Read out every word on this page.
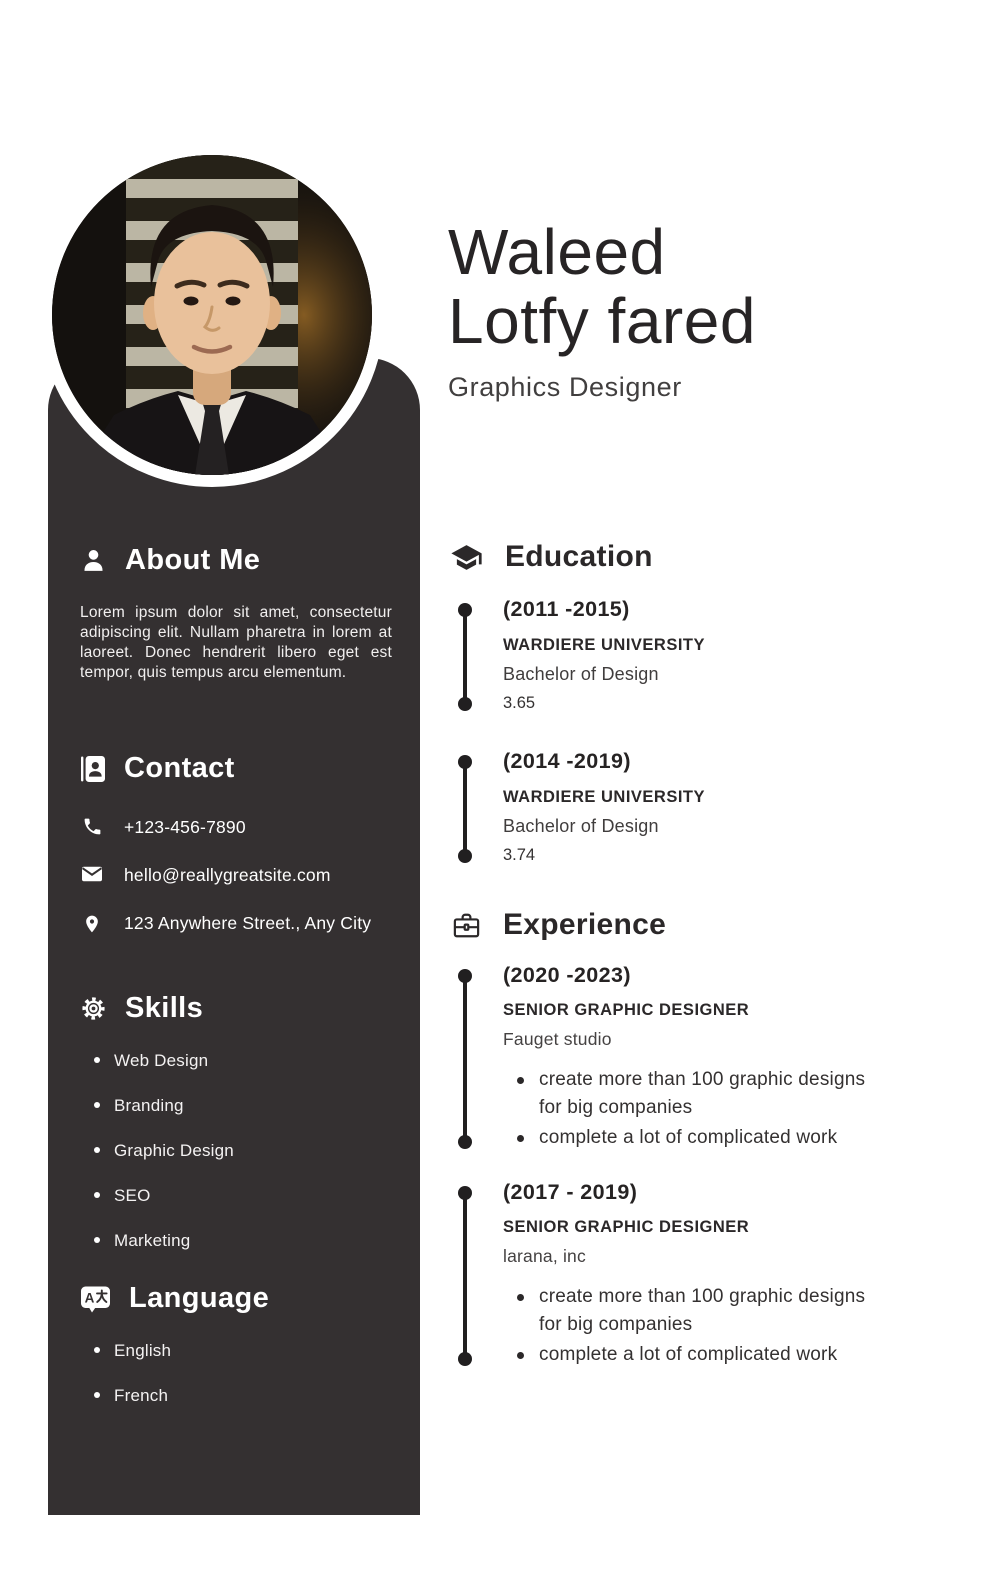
About Me

Lorem ipsum dolor sit amet, consectetur adipiscing elit. Nullam pharetra in lorem at laoreet. Donec hendrerit libero eget est tempor, quis tempus arcu elementum.

Contact
+123-456-7890
hello@reallygreatsite.com
123 Anywhere Street., Any City
Skills
Web Design
Branding
Graphic Design
SEO
Marketing
A Language
English
French
Waleed
Lotfy fared
Graphics Designer
Education
(2011 -2015)
WARDIERE UNIVERSITY
Bachelor of Design
3.65
(2014 -2019)
WARDIERE UNIVERSITY
Bachelor of Design
3.74
Experience
(2020 -2023)
SENIOR GRAPHIC DESIGNER
Fauget studio
create more than 100 graphic designs for big companies
complete a lot of complicated work
(2017 - 2019)
SENIOR GRAPHIC DESIGNER
larana, inc
create more than 100 graphic designs for big companies
complete a lot of complicated work
